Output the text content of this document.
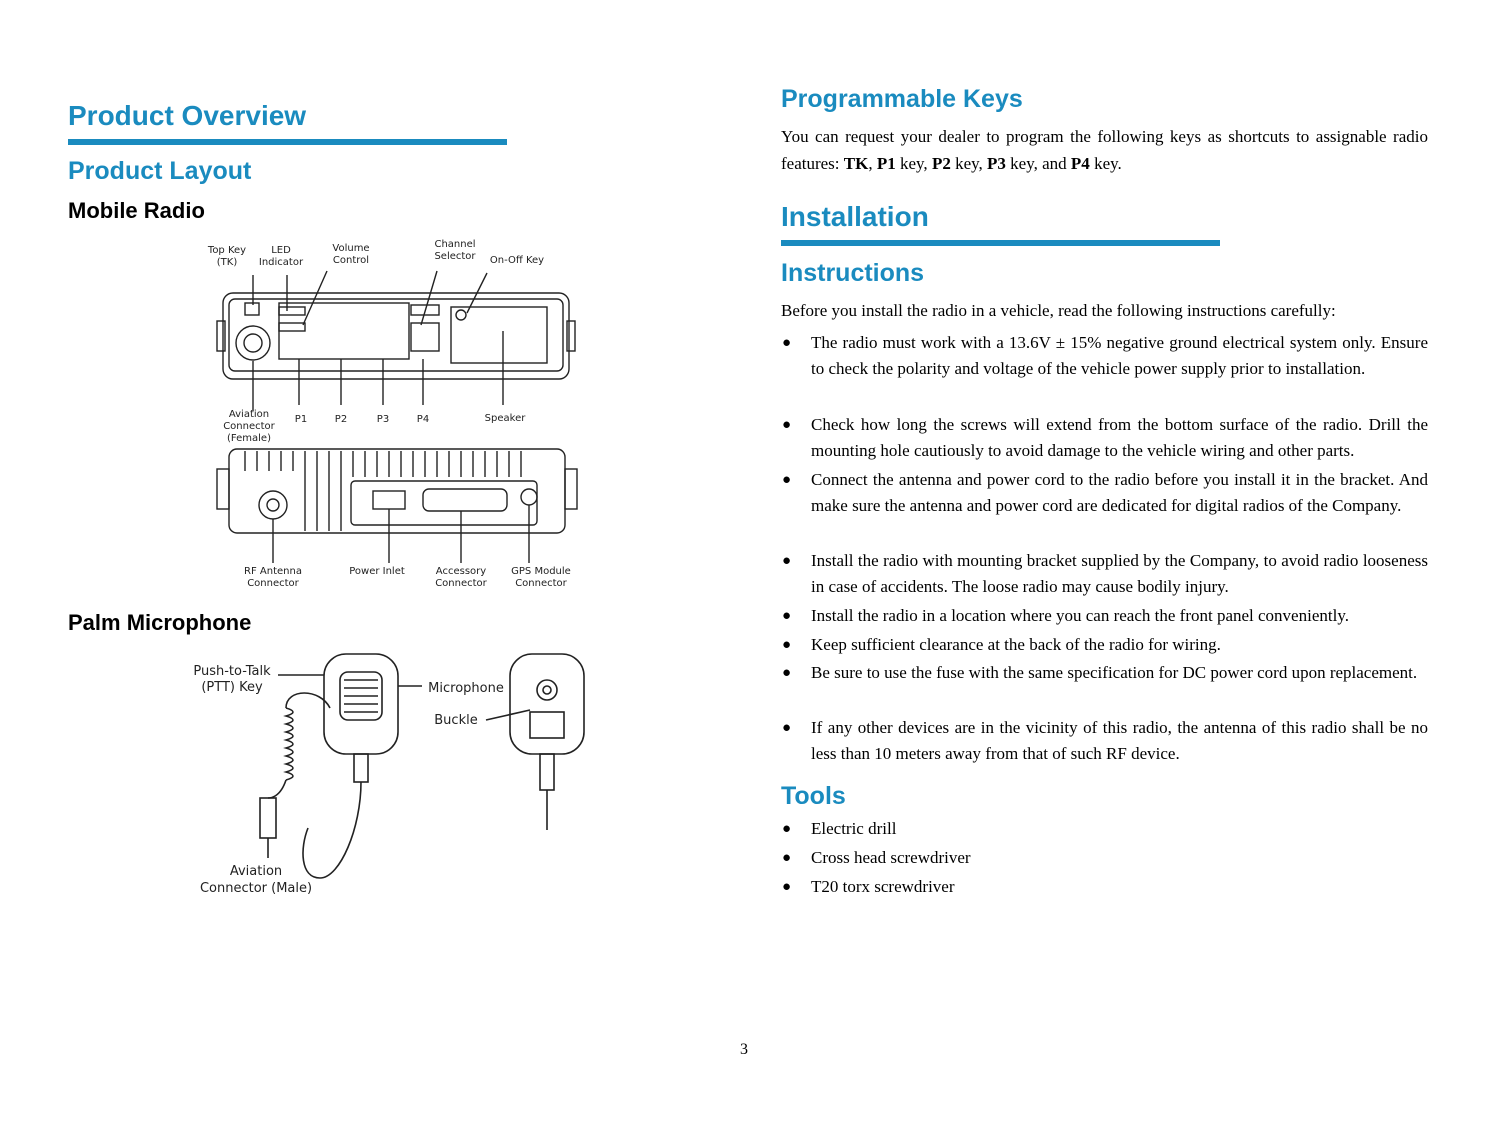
Product Overview
Product Layout
Mobile Radio
Top Key
(TK)
LED
Indicator
Volume
Control
Channel
Selector On-Off Key
Aviation
Connector
(Female)
P1	P2	P3	P4	Speaker
RF Antenna
Connector
Power Inlet	Accessory
Connector
GPS Module
Connector
Palm Microphone
Push-to-Talk
(PTT) Key	Microphone
Buckle
Aviation
Connector (Male)
Programmable Keys
You can request your dealer to program the following keys as shortcuts to assignable radio features: TK, P1 key, P2 key, P3 key, and P4 key.
Installation
Instructions
Before you install the radio in a vehicle, read the following instructions carefully:
● The radio must work with a 13.6V ± 15% negative ground electrical system only. Ensure to check the polarity and voltage of the vehicle power supply prior to installation.
● Check how long the screws will extend from the bottom surface of the radio. Drill the mounting hole cautiously to avoid damage to the vehicle wiring and other parts.
● Connect the antenna and power cord to the radio before you install it in the bracket. And make sure the antenna and power cord are dedicated for digital radios of the Company.
● Install the radio with mounting bracket supplied by the Company, to avoid radio looseness in case of accidents. The loose radio may cause bodily injury.
● Install the radio in a location where you can reach the front panel conveniently.
● Keep sufficient clearance at the back of the radio for wiring.
● Be sure to use the fuse with the same specification for DC power cord upon replacement.
● If any other devices are in the vicinity of this radio, the antenna of this radio shall be no less than 10 meters away from that of such RF device.
Tools
● Electric drill
● Cross head screwdriver
● T20 torx screwdriver
3
